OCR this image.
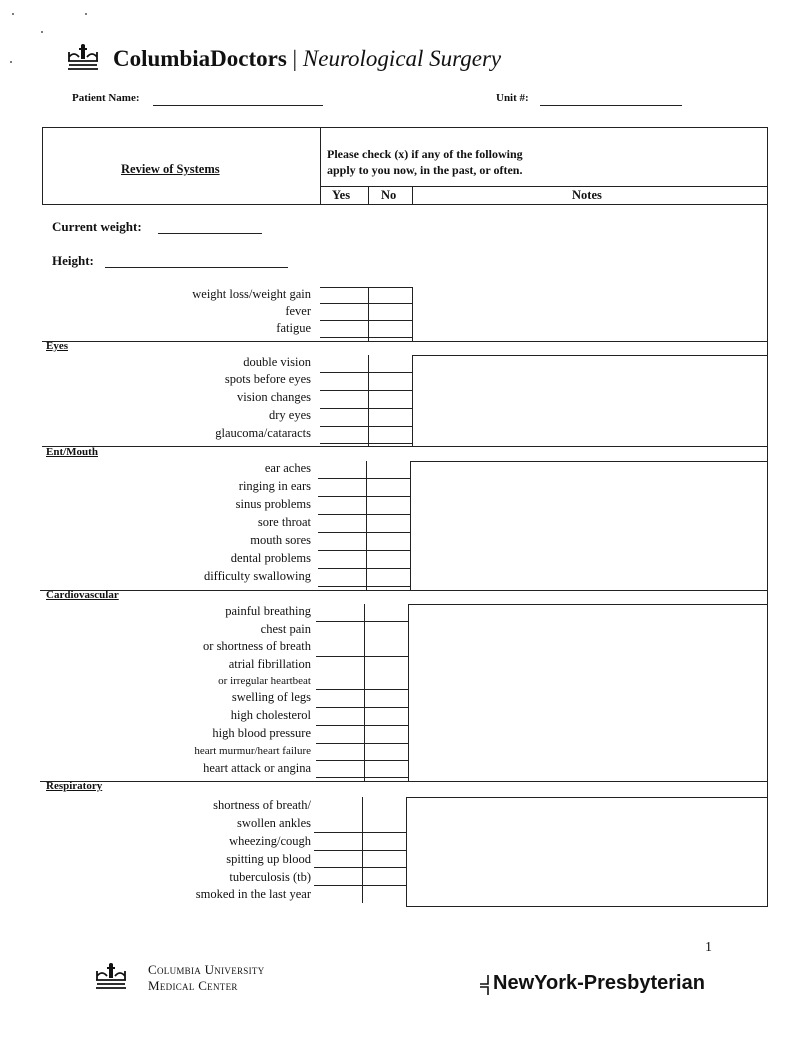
ColumbiaDoctors | Neurological Surgery
Patient Name:	Unit #:
Review of Systems
Please check (x) if any of the following
apply to you now, in the past, or often.
Yes No	Notes
Current weight:
Height:
weight loss/weight gain
fever
fatigue
Eyes
double vision
spots before eyes
vision changes
dry eyes
glaucoma/cataracts
Ent/Mouth
ear aches
ringing in ears
sinus problems
sore throat
mouth sores
dental problems
difficulty swallowing
Cardiovascular
painful breathing
chest pain
or shortness of breath
atrial fibrillation
or irregular heartbeat
swelling of legs
high cholesterol
high blood pressure
heart murmur/heart failure
heart attack or angina
Respiratory
shortness of breath/
swollen ankles
wheezing/cough
spitting up blood
tuberculosis (tb)
smoked in the last year
1
Columbia University
Medical Center	NewYork-Presbyterian
